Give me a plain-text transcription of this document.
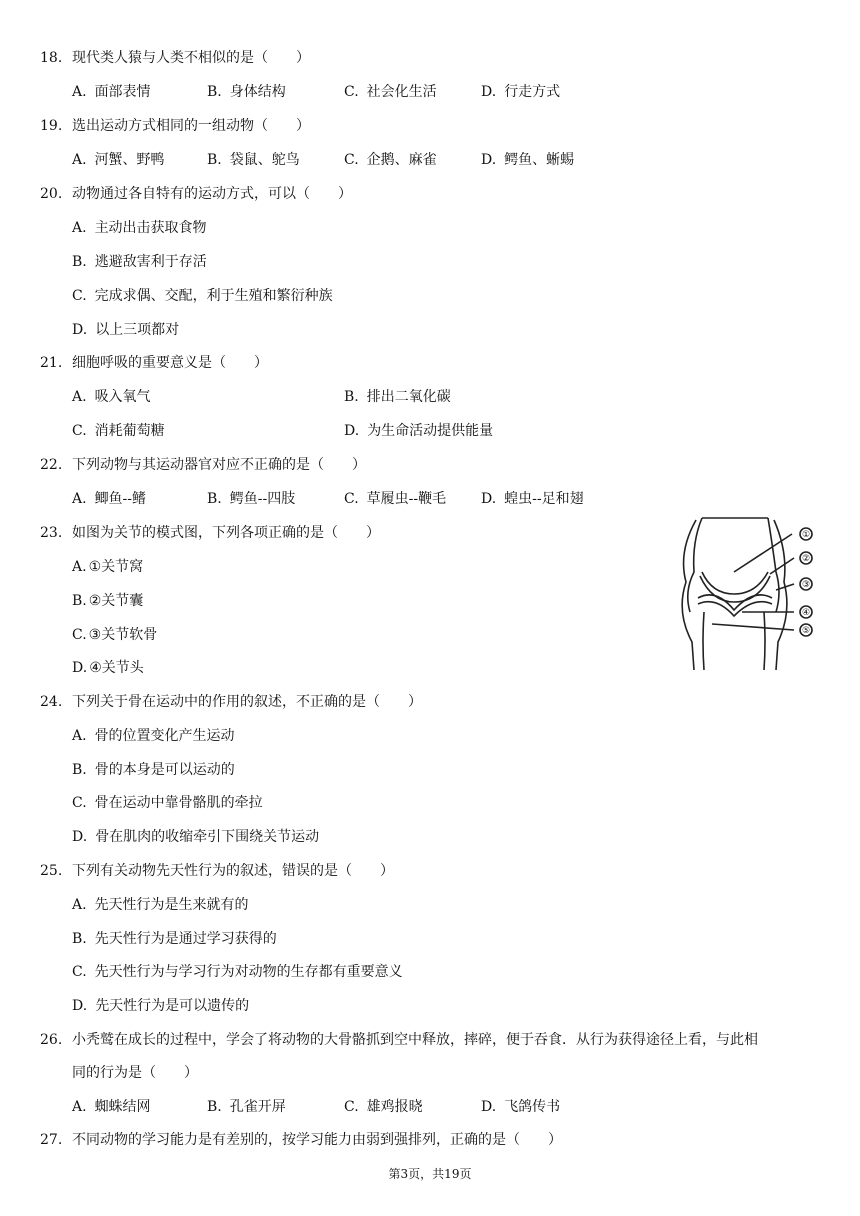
18. 现代类人猿与人类不相似的是（　　）
A. 面部表情	B. 身体结构	C. 社会化生活	D. 行走方式
19. 选出运动方式相同的一组动物（　　）
A. 河蟹、野鸭	B. 袋鼠、鸵鸟	C. 企鹅、麻雀	D. 鳄鱼、蜥蜴
20. 动物通过各自特有的运动方式，可以（　　）
A. 主动出击获取食物
B. 逃避敌害利于存活
C. 完成求偶、交配，利于生殖和繁衍种族
D. 以上三项都对
21. 细胞呼吸的重要意义是（　　）
A. 吸入氧气	B. 排出二氧化碳
C. 消耗葡萄糖	D. 为生命活动提供能量
22. 下列动物与其运动器官对应不正确的是（　　）
A. 鲫鱼--鳍	B. 鳄鱼--四肢	C. 草履虫--鞭毛 D. 蝗虫--足和翅
23. 如图为关节的模式图，下列各项正确的是（　　）
A. ①关节窝
B. ②关节囊
C. ③关节软骨
D. ④关节头
①
②
③
④
⑤
24. 下列关于骨在运动中的作用的叙述，不正确的是（　　）
A. 骨的位置变化产生运动
B. 骨的本身是可以运动的
C. 骨在运动中靠骨骼肌的牵拉
D. 骨在肌肉的收缩牵引下围绕关节运动
25. 下列有关动物先天性行为的叙述，错误的是（　　）
A. 先天性行为是生来就有的
B. 先天性行为是通过学习获得的
C. 先天性行为与学习行为对动物的生存都有重要意义
D. 先天性行为是可以遗传的
26. 小秃鹫在成长的过程中，学会了将动物的大骨骼抓到空中释放，摔碎，便于吞食．从行为获得途径上看，与此相
同的行为是（　　）
A. 蜘蛛结网	B. 孔雀开屏	C. 雄鸡报晓	D. 飞鸽传书
27. 不同动物的学习能力是有差别的，按学习能力由弱到强排列，正确的是（　　）
第3页，共19页
